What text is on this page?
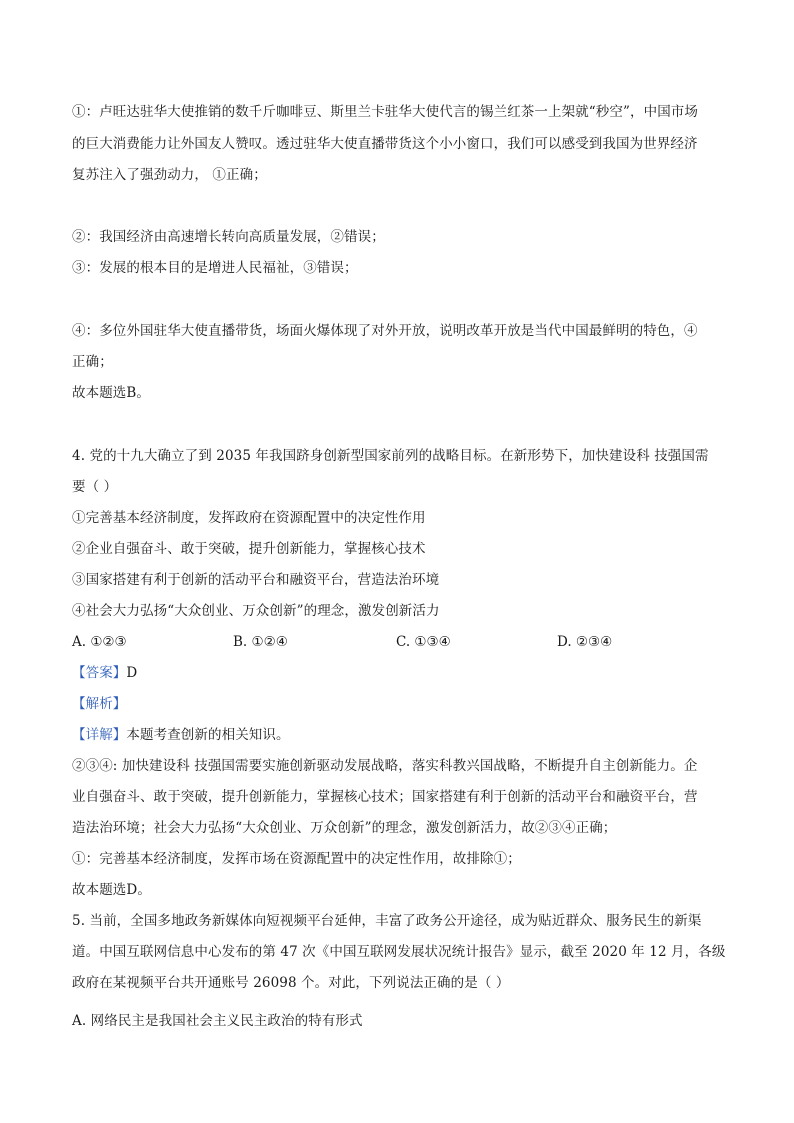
①：卢旺达驻华大使推销的数千斤咖啡豆、斯里兰卡驻华大使代言的锡兰红茶一上架就“秒空”，中国市场
的巨大消费能力让外国友人赞叹。透过驻华大使直播带货这个小小窗口，我们可以感受到我国为世界经济
复苏注入了强劲动力， ①正确；
②：我国经济由高速增长转向高质量发展，②错误；
③：发展的根本目的是增进人民福祉，③错误；
④：多位外国驻华大使直播带货，场面火爆体现了对外开放，说明改革开放是当代中国最鲜明的特色，④
正确；
故本题选B。
4. 党的十九大确立了到 2035 年我国跻身创新型国家前列的战略目标。在新形势下，加快建设科 技强国需
要（ ）
①完善基本经济制度，发挥政府在资源配置中的决定性作用
②企业自强奋斗、敢于突破，提升创新能力，掌握核心技术
③国家搭建有利于创新的活动平台和融资平台，营造法治环境
④社会大力弘扬“大众创业、万众创新”的理念，激发创新活力
A. ①②③	B. ①②④	C. ①③④	D. ②③④
【答案】D
【解析】
【详解】本题考查创新的相关知识。
②③④: 加快建设科 技强国需要实施创新驱动发展战略，落实科教兴国战略，不断提升自主创新能力。企
业自强奋斗、敢于突破，提升创新能力，掌握核心技术；国家搭建有利于创新的活动平台和融资平台，营
造法治环境；社会大力弘扬“大众创业、万众创新”的理念，激发创新活力，故②③④正确；
①：完善基本经济制度，发挥市场在资源配置中的决定性作用，故排除①；
故本题选D。
5. 当前，全国多地政务新媒体向短视频平台延伸，丰富了政务公开途径，成为贴近群众、服务民生的新渠
道。中国互联网信息中心发布的第 47 次《中国互联网发展状况统计报告》显示，截至 2020 年 12 月，各级
政府在某视频平台共开通账号 26098 个。对此，下列说法正确的是（ ）
A. 网络民主是我国社会主义民主政治的特有形式
